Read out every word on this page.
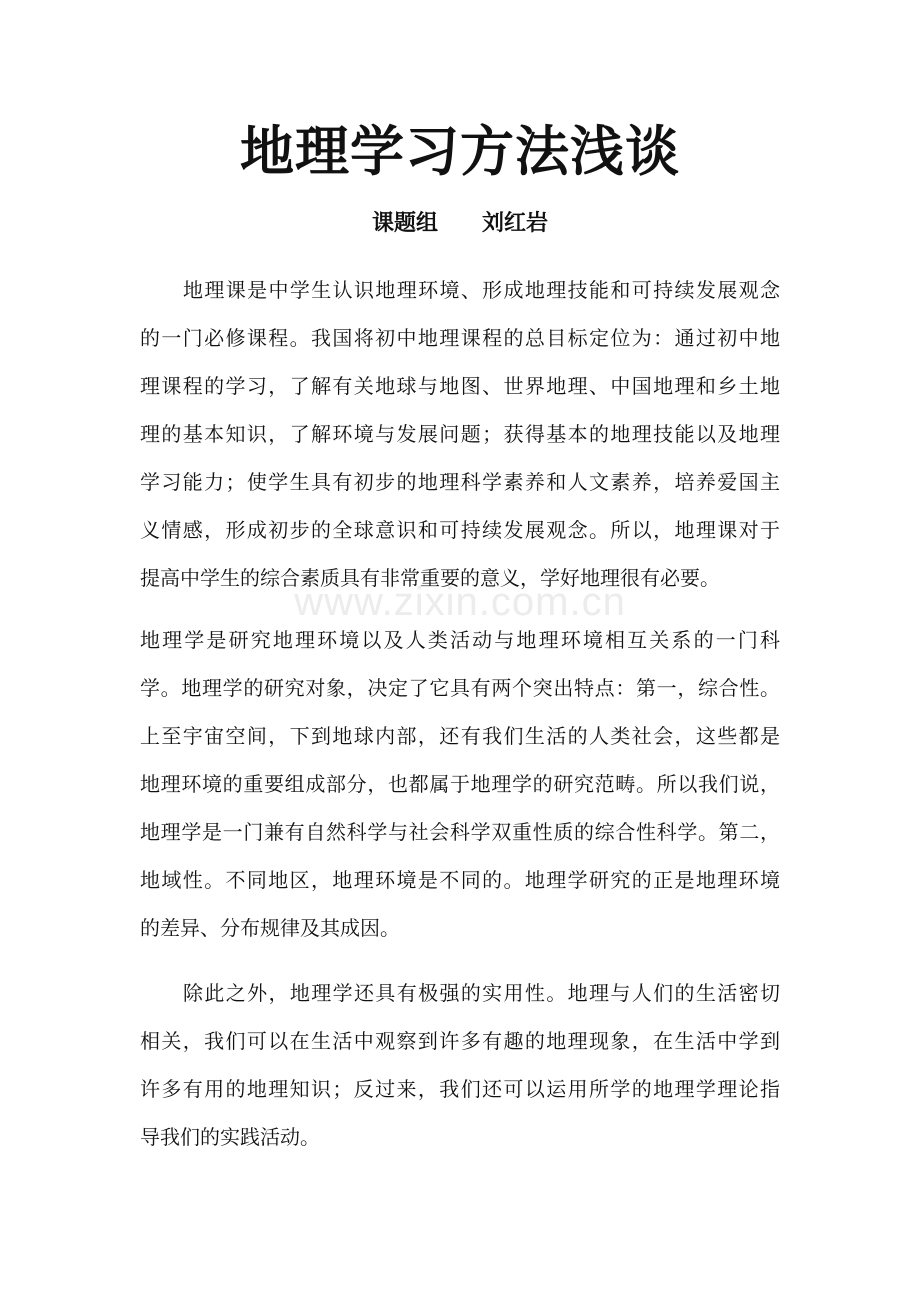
www.zixin.com.cn
地理学习方法浅谈
课题组　　刘红岩
地理课是中学生认识地理环境、形成地理技能和可持续发展观念
的一门必修课程。我国将初中地理课程的总目标定位为：通过初中地
理课程的学习，了解有关地球与地图、世界地理、中国地理和乡土地
理的基本知识，了解环境与发展问题；获得基本的地理技能以及地理
学习能力；使学生具有初步的地理科学素养和人文素养，培养爱国主
义情感，形成初步的全球意识和可持续发展观念。所以，地理课对于
提高中学生的综合素质具有非常重要的意义，学好地理很有必要。
地理学是研究地理环境以及人类活动与地理环境相互关系的一门科
学。地理学的研究对象，决定了它具有两个突出特点：第一，综合性。
上至宇宙空间，下到地球内部，还有我们生活的人类社会，这些都是
地理环境的重要组成部分，也都属于地理学的研究范畴。所以我们说，
地理学是一门兼有自然科学与社会科学双重性质的综合性科学。第二，
地域性。不同地区，地理环境是不同的。地理学研究的正是地理环境
的差异、分布规律及其成因。
除此之外，地理学还具有极强的实用性。地理与人们的生活密切
相关，我们可以在生活中观察到许多有趣的地理现象，在生活中学到
许多有用的地理知识；反过来，我们还可以运用所学的地理学理论指
导我们的实践活动。
